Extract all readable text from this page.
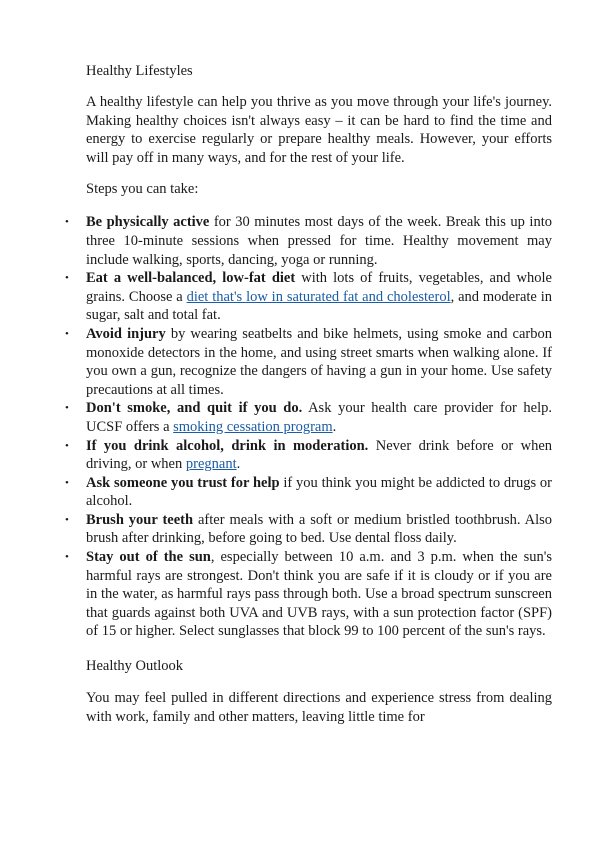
Healthy Lifestyles

A healthy lifestyle can help you thrive as you move through your life's journey. Making healthy choices isn't always easy – it can be hard to find the time and energy to exercise regularly or prepare healthy meals. However, your efforts will pay off in many ways, and for the rest of your life.

Steps you can take:
• Be physically active for 30 minutes most days of the week. Break this up into three 10-minute sessions when pressed for time. Healthy movement may include walking, sports, dancing, yoga or running.
• Eat a well-balanced, low-fat diet with lots of fruits, vegetables, and whole grains. Choose a diet that's low in saturated fat and cholesterol, and moderate in sugar, salt and total fat.
• Avoid injury by wearing seatbelts and bike helmets, using smoke and carbon monoxide detectors in the home, and using street smarts when walking alone. If you own a gun, recognize the dangers of having a gun in your home. Use safety precautions at all times.
• Don't smoke, and quit if you do. Ask your health care provider for help. UCSF offers a smoking cessation program.
• If you drink alcohol, drink in moderation. Never drink before or when driving, or when pregnant.
• Ask someone you trust for help if you think you might be addicted to drugs or alcohol.
• Brush your teeth after meals with a soft or medium bristled toothbrush. Also brush after drinking, before going to bed. Use dental floss daily.
• Stay out of the sun, especially between 10 a.m. and 3 p.m. when the sun's harmful rays are strongest. Don't think you are safe if it is cloudy or if you are in the water, as harmful rays pass through both. Use a broad spectrum sunscreen that guards against both UVA and UVB rays, with a sun protection factor (SPF) of 15 or higher. Select sunglasses that block 99 to 100 percent of the sun's rays.
Healthy Outlook

You may feel pulled in different directions and experience stress from dealing with work, family and other matters, leaving little time for
